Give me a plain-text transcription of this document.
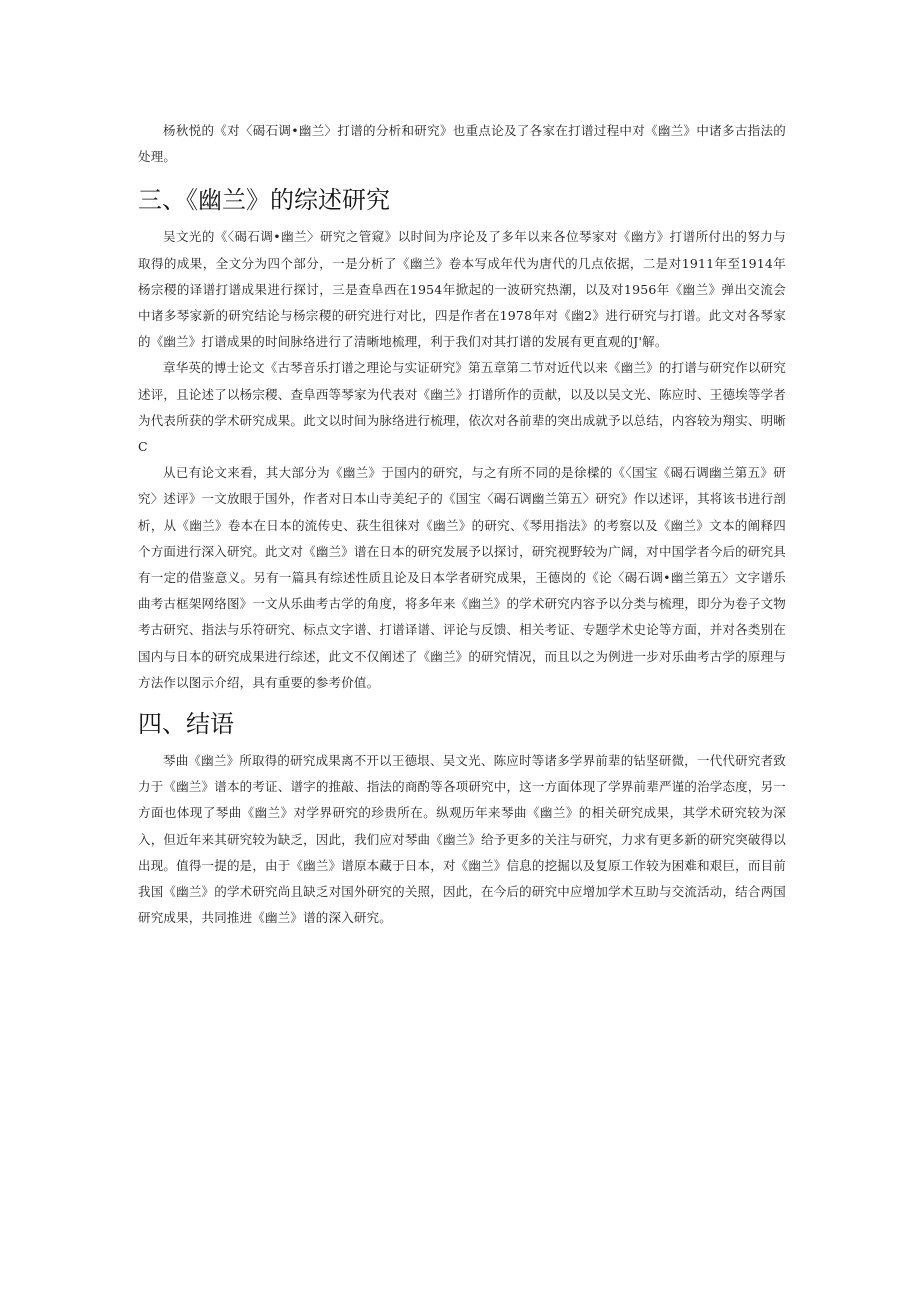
杨秋悦的《对〈碣石调•幽兰〉打谱的分析和研究》也重点论及了各家在打谱过程中对《幽兰》中诸多古指法的处理。

三、《幽兰》的综述研究

吴文光的《〈碣石调•幽兰〉研究之管窥》以时间为序论及了多年以来各位琴家对《幽方》打谱所付出的努力与取得的成果，全文分为四个部分，一是分析了《幽兰》卷本写成年代为唐代的几点依据，二是对1911年至1914年杨宗稷的译谱打谱成果进行探讨，三是查阜西在1954年掀起的一波研究热潮，以及对1956年《幽兰》弹出交流会中诸多琴家新的研究结论与杨宗稷的研究进行对比，四是作者在1978年对《幽2》进行研究与打谱。此文对各琴家的《幽兰》打谱成果的时间脉络进行了清晰地梳理，利于我们对其打谱的发展有更直观的J'解。

章华英的博士论文《古琴音乐打谱之理论与实证研究》第五章第二节对近代以来《幽兰》的打谱与研究作以研究述评，且论述了以杨宗稷、查阜西等琴家为代表对《幽兰》打谱所作的贡献，以及以吴文光、陈应时、王德埃等学者为代表所获的学术研究成果。此文以时间为脉络进行梳理，依次对各前辈的突出成就予以总结，内容较为翔实、明晰C

从已有论文来看，其大部分为《幽兰》于国内的研究，与之有所不同的是徐樑的《〈国宝《碣石调幽兰第五》研究〉述评》一文放眼于国外，作者对日本山寺美纪子的《国宝〈碣石调幽兰第五〉研究》作以述评，其将该书进行剖析，从《幽兰》卷本在日本的流传史、荻生徂徕对《幽兰》的研究、《琴用指法》的考察以及《幽兰》文本的阐释四个方面进行深入研究。此文对《幽兰》谱在日本的研究发展予以探讨，研究视野较为广阔，对中国学者今后的研究具有一定的借鉴意义。另有一篇具有综述性质且论及日本学者研究成果，王德岗的《论〈碣石调•幽兰第五〉文字谱乐曲考古框架网络图》一文从乐曲考古学的角度，将多年来《幽兰》的学术研究内容予以分类与梳理，即分为卷子文物考古研究、指法与乐符研究、标点文字谱、打谱译谱、评论与反馈、相关考证、专题学术史论等方面，并对各类别在国内与日本的研究成果进行综述，此文不仅阐述了《幽兰》的研究情况，而且以之为例进一步对乐曲考古学的原理与方法作以图示介绍，具有重要的参考价值。

四、结语

琴曲《幽兰》所取得的研究成果离不开以王德垠、吴文光、陈应时等诸多学界前辈的钻坚研微，一代代研究者致力于《幽兰》谱本的考证、谱字的推敲、指法的商酌等各项研究中，这一方面体现了学界前辈严谨的治学态度，另一方面也体现了琴曲《幽兰》对学界研究的珍贵所在。纵观历年来琴曲《幽兰》的相关研究成果，其学术研究较为深入，但近年来其研究较为缺乏，因此，我们应对琴曲《幽兰》给予更多的关注与研究，力求有更多新的研究突破得以出现。值得一提的是，由于《幽兰》谱原本藏于日本，对《幽兰》信息的挖掘以及复原工作较为困难和艰巨，而目前我国《幽兰》的学术研究尚且缺乏对国外研究的关照，因此，在今后的研究中应增加学术互助与交流活动，结合两国研究成果，共同推进《幽兰》谱的深入研究。
